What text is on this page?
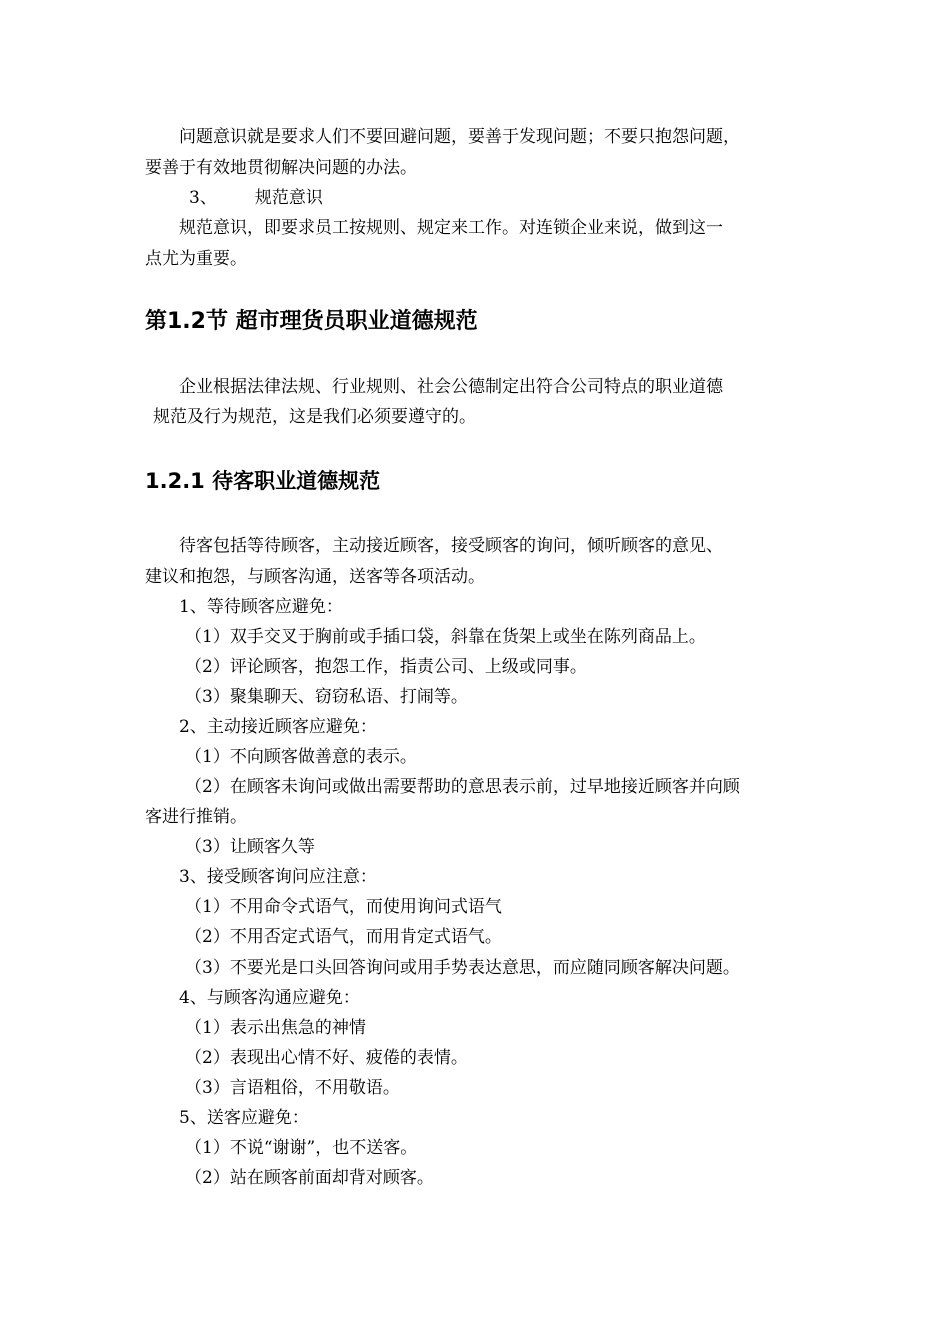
问题意识就是要求人们不要回避问题，要善于发现问题；不要只抱怨问题，
要善于有效地贯彻解决问题的办法。
3、 规范意识
规范意识，即要求员工按规则、规定来工作。对连锁企业来说，做到这一
点尤为重要。
第1.2节 超市理货员职业道德规范
企业根据法律法规、行业规则、社会公德制定出符合公司特点的职业道德
规范及行为规范，这是我们必须要遵守的。
1.2.1 待客职业道德规范
待客包括等待顾客，主动接近顾客，接受顾客的询问，倾听顾客的意见、
建议和抱怨，与顾客沟通，送客等各项活动。
1、等待顾客应避免：
（1）双手交叉于胸前或手插口袋，斜靠在货架上或坐在陈列商品上。
（2）评论顾客，抱怨工作，指责公司、上级或同事。
（3）聚集聊天、窃窃私语、打闹等。
2、主动接近顾客应避免：
（1）不向顾客做善意的表示。
（2）在顾客未询问或做出需要帮助的意思表示前，过早地接近顾客并向顾
客进行推销。
（3）让顾客久等
3、接受顾客询问应注意：
（1）不用命令式语气，而使用询问式语气
（2）不用否定式语气，而用肯定式语气。
（3）不要光是口头回答询问或用手势表达意思，而应随同顾客解决问题。
4、与顾客沟通应避免：
（1）表示出焦急的神情
（2）表现出心情不好、疲倦的表情。
（3）言语粗俗，不用敬语。
5、送客应避免：
（1）不说“谢谢”，也不送客。
（2）站在顾客前面却背对顾客。
